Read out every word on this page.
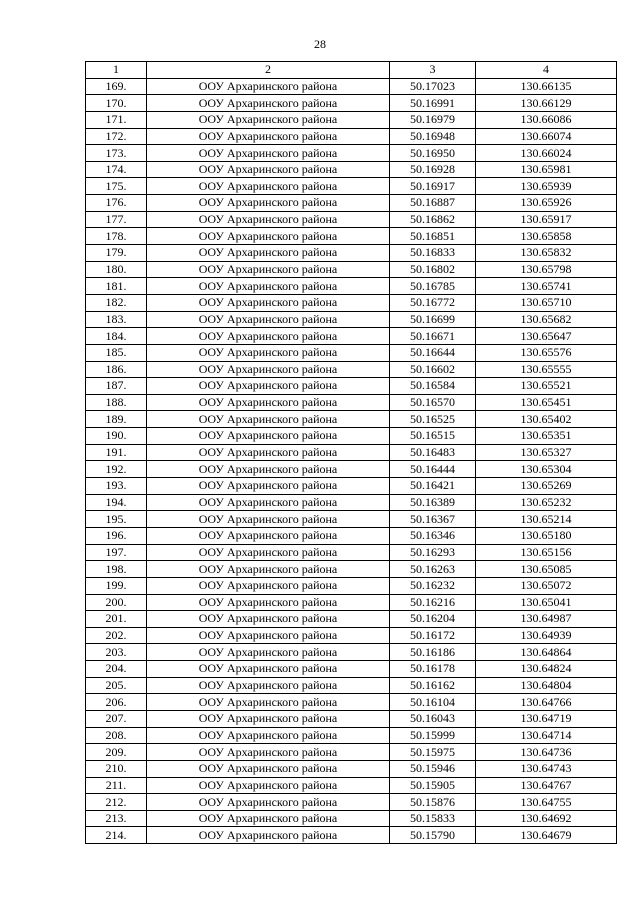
28
1	2	3	4
169.	ООУ Архаринского района	50.17023	130.66135
170.	ООУ Архаринского района	50.16991	130.66129
171.	ООУ Архаринского района	50.16979	130.66086
172.	ООУ Архаринского района	50.16948	130.66074
173.	ООУ Архаринского района	50.16950	130.66024
174.	ООУ Архаринского района	50.16928	130.65981
175.	ООУ Архаринского района	50.16917	130.65939
176.	ООУ Архаринского района	50.16887	130.65926
177.	ООУ Архаринского района	50.16862	130.65917
178.	ООУ Архаринского района	50.16851	130.65858
179.	ООУ Архаринского района	50.16833	130.65832
180.	ООУ Архаринского района	50.16802	130.65798
181.	ООУ Архаринского района	50.16785	130.65741
182.	ООУ Архаринского района	50.16772	130.65710
183.	ООУ Архаринского района	50.16699	130.65682
184.	ООУ Архаринского района	50.16671	130.65647
185.	ООУ Архаринского района	50.16644	130.65576
186.	ООУ Архаринского района	50.16602	130.65555
187.	ООУ Архаринского района	50.16584	130.65521
188.	ООУ Архаринского района	50.16570	130.65451
189.	ООУ Архаринского района	50.16525	130.65402
190.	ООУ Архаринского района	50.16515	130.65351
191.	ООУ Архаринского района	50.16483	130.65327
192.	ООУ Архаринского района	50.16444	130.65304
193.	ООУ Архаринского района	50.16421	130.65269
194.	ООУ Архаринского района	50.16389	130.65232
195.	ООУ Архаринского района	50.16367	130.65214
196.	ООУ Архаринского района	50.16346	130.65180
197.	ООУ Архаринского района	50.16293	130.65156
198.	ООУ Архаринского района	50.16263	130.65085
199.	ООУ Архаринского района	50.16232	130.65072
200.	ООУ Архаринского района	50.16216	130.65041
201.	ООУ Архаринского района	50.16204	130.64987
202.	ООУ Архаринского района	50.16172	130.64939
203.	ООУ Архаринского района	50.16186	130.64864
204.	ООУ Архаринского района	50.16178	130.64824
205.	ООУ Архаринского района	50.16162	130.64804
206.	ООУ Архаринского района	50.16104	130.64766
207.	ООУ Архаринского района	50.16043	130.64719
208.	ООУ Архаринского района	50.15999	130.64714
209.	ООУ Архаринского района	50.15975	130.64736
210.	ООУ Архаринского района	50.15946	130.64743
211.	ООУ Архаринского района	50.15905	130.64767
212.	ООУ Архаринского района	50.15876	130.64755
213.	ООУ Архаринского района	50.15833	130.64692
214.	ООУ Архаринского района	50.15790	130.64679
